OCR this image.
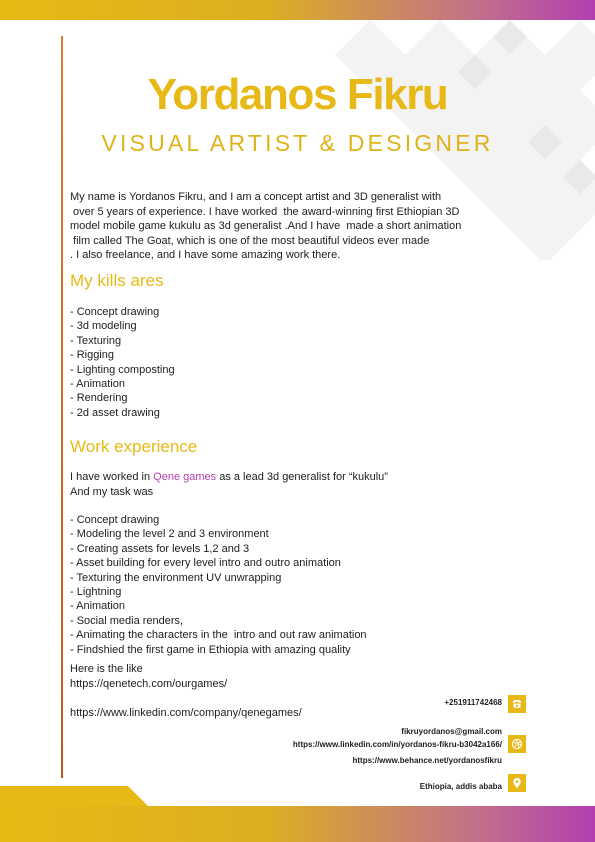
Yordanos Fikru
VISUAL ARTIST & DESIGNER
My name is Yordanos Fikru, and I am a concept artist and 3D generalist with
over 5 years of experience. I have worked  the award-winning first Ethiopian 3D
model mobile game kukulu as 3d generalist .And I have  made a short animation
film called The Goat, which is one of the most beautiful videos ever made
. I also freelance, and I have some amazing work there.
My kills ares
- Concept drawing
- 3d modeling
- Texturing
- Rigging
- Lighting composting
- Animation
- Rendering
- 2d asset drawing
Work experience
I have worked in Qene games as a lead 3d generalist for “kukulu”
And my task was
- Concept drawing
- Modeling the level 2 and 3 environment
- Creating assets for levels 1,2 and 3
- Asset building for every level intro and outro animation
- Texturing the environment UV unwrapping
- Lightning
- Animation
- Social media renders,
- Animating the characters in the  intro and out raw animation
- Findshied the first game in Ethiopia with amazing quality
Here is the like
https://qenetech.com/ourgames/
https://www.linkedin.com/company/qenegames/
+251911742468
fikruyordanos@gmail.com
https://www.linkedin.com/in/yordanos-fikru-b3042a166/
https://www.behance.net/yordanosfikru
Ethiopia, addis ababa
